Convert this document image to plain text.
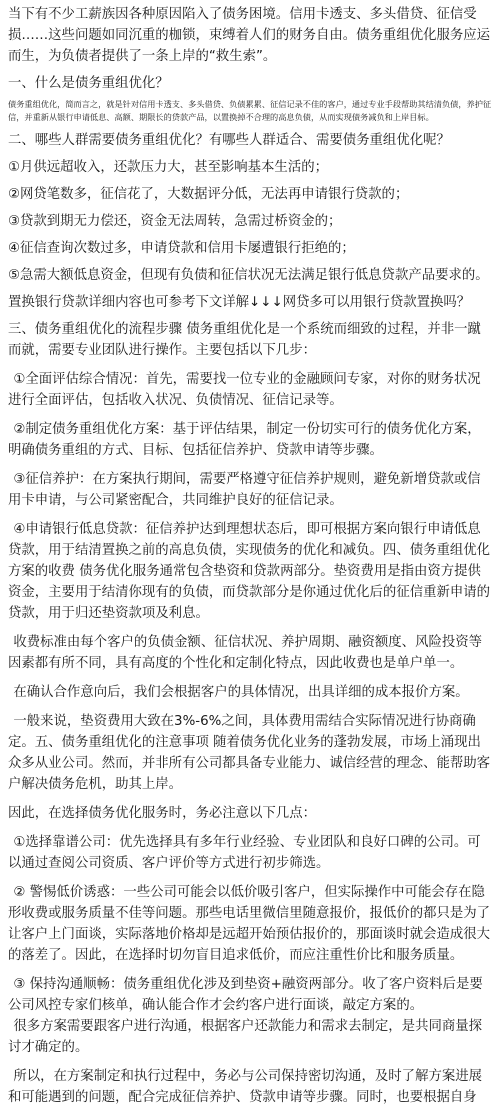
当下有不少工薪族因各种原因陷入了债务困境。信用卡透支、多头借贷、征信受损……这些问题如同沉重的枷锁，束缚着人们的财务自由。债务重组优化服务应运而生，为负债者提供了一条上岸的“救生索”。

一、什么是债务重组优化？

债务重组优化，简而言之，就是针对信用卡透支、多头借贷、负债累累、征信记录不佳的客户，通过专业手段帮助其结清负债，养护征信，并重新从银行申请低息、高额、期限长的贷款产品，以置换掉不合理的高息负债，从而实现债务减负和上岸目标。

二、哪些人群需要债务重组优化？有哪些人群适合、需要债务重组优化呢？

①月供远超收入，还款压力大，甚至影响基本生活的；

②网贷笔数多，征信花了，大数据评分低，无法再申请银行贷款的；

③贷款到期无力偿还，资金无法周转，急需过桥资金的；

④征信查询次数过多，申请贷款和信用卡屡遭银行拒绝的；

⑤急需大额低息资金，但现有负债和征信状况无法满足银行低息贷款产品要求的。

置换银行贷款详细内容也可参考下文详解↓↓↓网贷多可以用银行贷款置换吗？

三、债务重组优化的流程步骤 债务重组优化是一个系统而细致的过程，并非一蹴而就，需要专业团队进行操作。主要包括以下几步：

①全面评估综合情况：首先，需要找一位专业的金融顾问专家，对你的财务状况进行全面评估，包括收入状况、负债情况、征信记录等。

②制定债务重组优化方案：基于评估结果，制定一份切实可行的债务优化方案，明确债务重组的方式、目标、包括征信养护、贷款申请等步骤。

③征信养护：在方案执行期间，需要严格遵守征信养护规则，避免新增贷款或信用卡申请，与公司紧密配合，共同维护良好的征信记录。

④申请银行低息贷款：征信养护达到理想状态后，即可根据方案向银行申请低息贷款，用于结清置换之前的高息负债，实现债务的优化和减负。四、债务重组优化方案的收费 债务优化服务通常包含垫资和贷款两部分。垫资费用是指由资方提供资金，主要用于结清你现有的负债，而贷款部分是你通过优化后的征信重新申请的贷款，用于归还垫资款项及利息。

收费标准由每个客户的负债金额、征信状况、养护周期、融资额度、风险投资等因素都有所不同，具有高度的个性化和定制化特点，因此收费也是单户单一。

在确认合作意向后，我们会根据客户的具体情况，出具详细的成本报价方案。

一般来说，垫资费用大致在3%-6%之间，具体费用需结合实际情况进行协商确定。五、债务重组优化的注意事项 随着债务优化业务的蓬勃发展，市场上涌现出众多从业公司。然而，并非所有公司都具备专业能力、诚信经营的理念、能帮助客户解决债务危机，助其上岸。

因此，在选择债务优化服务时，务必注意以下几点：

①选择靠谱公司：优先选择具有多年行业经验、专业团队和良好口碑的公司。可以通过查阅公司资质、客户评价等方式进行初步筛选。

② 警惕低价诱惑：一些公司可能会以低价吸引客户，但实际操作中可能会存在隐形收费或服务质量不佳等问题。那些电话里微信里随意报价，报低价的都只是为了让客户上门面谈，实际落地价格却是远超开始预估报价的，那面谈时就会造成很大的落差了。因此，在选择时切勿盲目追求低价，而应注重性价比和服务质量。

③ 保持沟通顺畅：债务重组优化涉及到垫资+融资两部分。收了客户资料后是要公司风控专家们核单，确认能合作才会约客户进行面谈，敲定方案的。

很多方案需要跟客户进行沟通，根据客户还款能力和需求去制定，是共同商量探讨才确定的。

所以，在方案制定和执行过程中，务必与公司保持密切沟通，及时了解方案进展和可能遇到的问题，配合完成征信养护、贷款申请等步骤。同时，也要根据自身
